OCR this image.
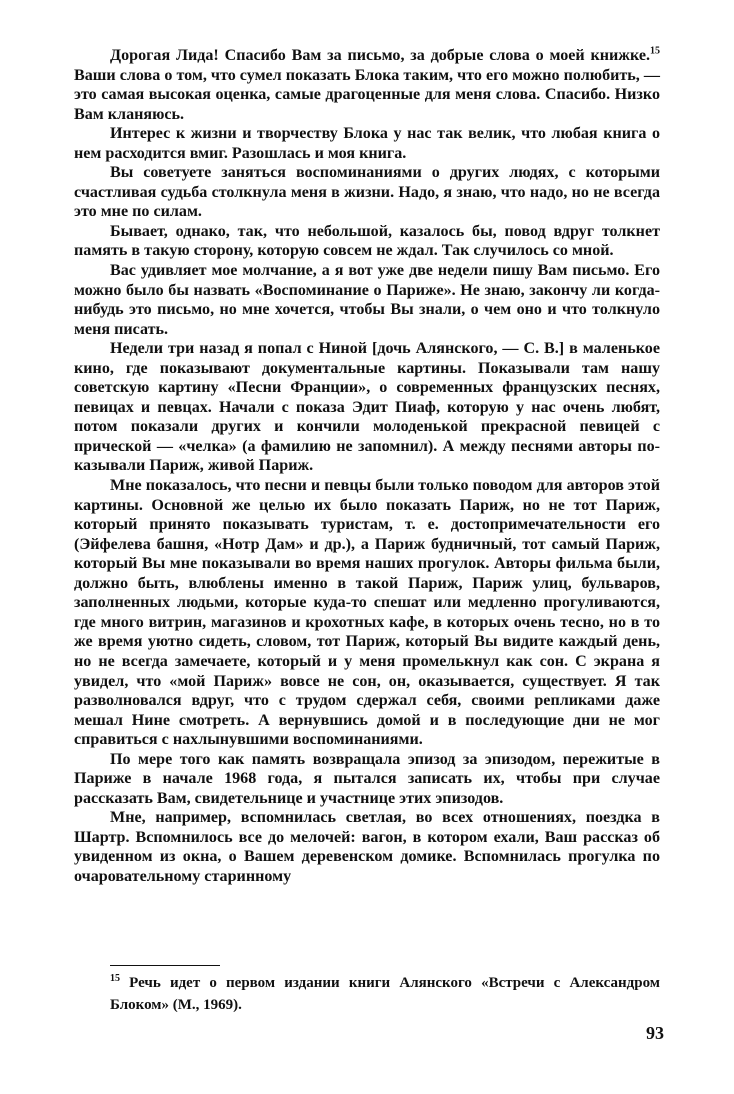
Дорогая Лида! Спасибо Вам за письмо, за добрые слова о моей книжке.$^{15}$ Ваши слова о том, что сумел показать Блока таким, что его можно полюбить, — это самая высокая оценка, самые драгоценные для меня слова. Спасибо. Низко Вам кланяюсь.

Интерес к жизни и творчеству Блока у нас так велик, что любая книга о нем расходится вмиг. Разошлась и моя книга.

Вы советуете заняться воспоминаниями о других людях, с которыми счастливая судьба столкнула меня в жизни. Надо, я знаю, что надо, но не всегда это мне по силам.

Бывает, однако, так, что небольшой, казалось бы, повод вдруг толкнет память в такую сторону, которую совсем не ждал. Так случилось со мной.

Вас удивляет мое молчание, а я вот уже две недели пишу Вам письмо. Его можно было бы назвать «Воспоминание о Париже». Не знаю, закончу ли когда-нибудь это письмо, но мне хочется, чтобы Вы знали, о чем оно и что толкнуло меня писать.

Недели три назад я попал с Ниной [дочь Алянского, — С. В.] в маленькое кино, где показывают документальные картины. Показывали там нашу советскую картину «Песни Франции», о современных французских песнях, певицах и певцах. Начали с показа Эдит Пиаф, которую у нас очень любят, потом показали других и кончили молоденькой прекрасной певицей с прической — «челка» (а фамилию не запомнил). А между песнями авторы показывали Париж, живой Париж.

Мне показалось, что песни и певцы были только поводом для авторов этой картины. Основной же целью их было показать Париж, но не тот Париж, который принято показывать туристам, т. е. достопримечательности его (Эйфелева башня, «Нотр Дам» и др.), а Париж будничный, тот самый Париж, который Вы мне показывали во время наших прогулок. Авторы фильма были, должно быть, влюблены именно в такой Париж, Париж улиц, бульваров, заполненных людьми, которые куда-то спешат или медленно прогуливаются, где много витрин, магазинов и крохотных кафе, в которых очень тесно, но в то же время уютно сидеть, словом, тот Париж, который Вы видите каждый день, но не всегда замечаете, который и у меня промелькнул как сон. С экрана я увидел, что «мой Париж» вовсе не сон, он, оказывается, существует. Я так разволновался вдруг, что с трудом сдержал себя, своими репликами даже мешал Нине смотреть. А вернувшись домой и в последующие дни не мог справиться с нахлынувшими воспоминаниями.

По мере того как память возвращала эпизод за эпизодом, пережитые в Париже в начале 1968 года, я пытался записать их, чтобы при случае рассказать Вам, свидетельнице и участнице этих эпизодов.

Мне, например, вспомнилась светлая, во всех отношениях, поездка в Шартр. Вспомнилось все до мелочей: вагон, в котором ехали, Ваш рассказ об увиденном из окна, о Вашем деревенском домике. Вспомнилась прогулка по очаровательному старинному

$^{15}$ Речь идет о первом издании книги Алянского «Встречи с Александром Блоком» (М., 1969).

93
